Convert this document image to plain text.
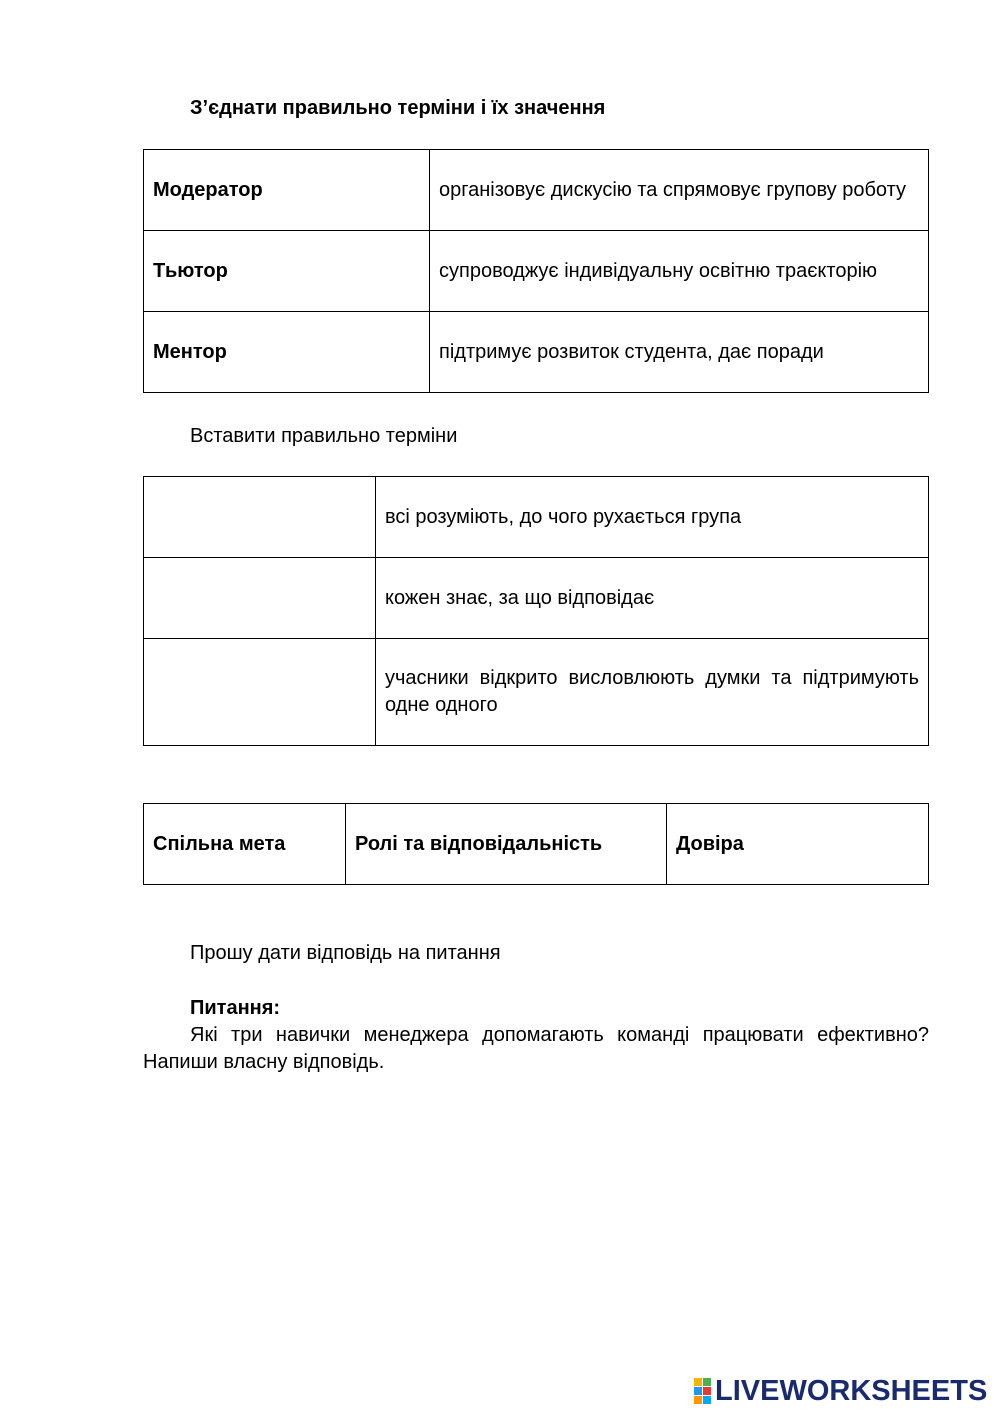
З’єднати правильно терміни і їх значення
Модератор	організовує дискусію та спрямовує групову роботу
Тьютор	супроводжує індивідуальну освітню траєкторію
Ментор	підтримує розвиток студента, дає поради
Вставити правильно терміни
	всі розуміють, до чого рухається група
	кожен знає, за що відповідає
	учасники відкрито висловлюють думки та підтримують одне одного
Спільна мета	Ролі та відповідальність	Довіра
Прошу дати відповідь на питання
Питання:
Які три навички менеджера допомагають команді працювати ефективно? Напиши власну відповідь.
LIVEWORKSHEETS
